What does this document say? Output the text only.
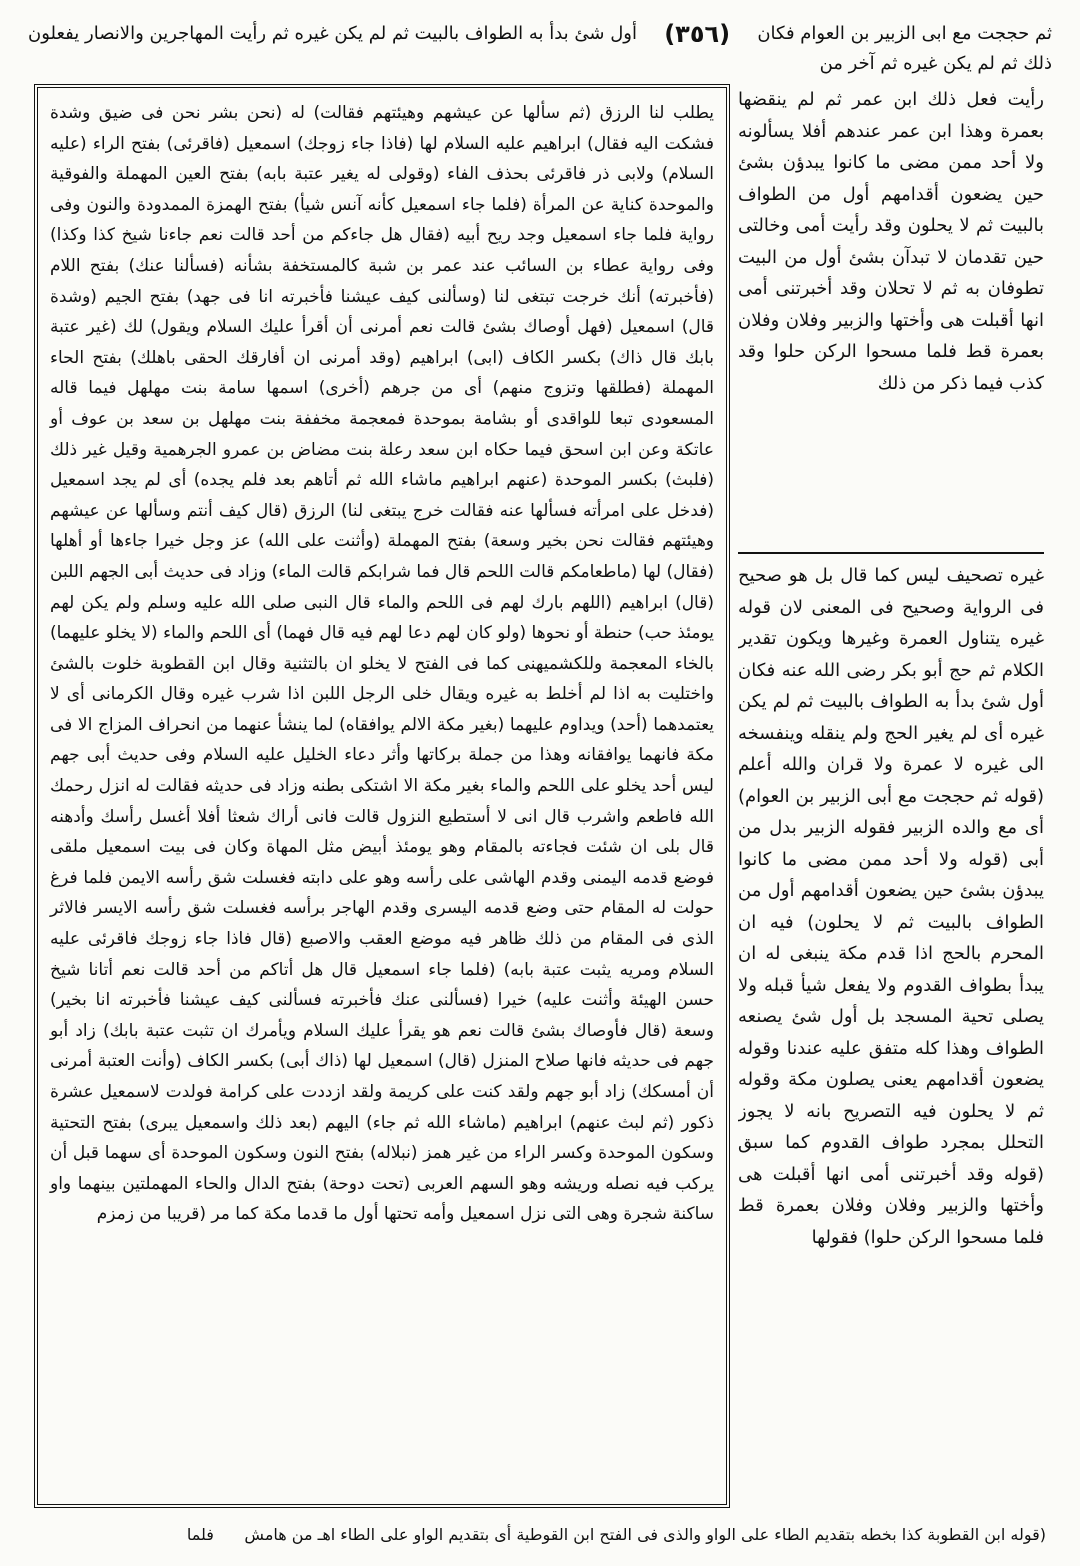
ثم حججت مع ابى الزبير بن العوام فكان
(٣٥٦)
أول شئ بدأ به الطواف بالبيت ثم لم يكن غيره ثم رأيت المهاجرين والانصار يفعلون
ذلك ثم لم يكن غيره ثم آخر من

يطلب لنا الرزق (ثم سألها عن عيشهم وهيئتهم فقالت) له (نحن بشر نحن فى ضيق وشدة فشكت اليه فقال) ابراهيم عليه السلام لها (فاذا جاء زوجك) اسمعيل (فاقرئى) بفتح الراء (عليه السلام) ولابى ذر فاقرئى بحذف الفاء (وقولى له يغير عتبة بابه) بفتح العين المهملة والفوقية والموحدة كناية عن المرأة (فلما جاء اسمعيل كأنه آنس شيأ) بفتح الهمزة الممدودة والنون وفى رواية فلما جاء اسمعيل وجد ريح أبيه (فقال هل جاءكم من أحد قالت نعم جاءنا شيخ كذا وكذا) وفى رواية عطاء بن السائب عند عمر بن شبة كالمستخفة بشأنه (فسألنا عنك) بفتح اللام (فأخبرته) أنك خرجت تبتغى لنا (وسألنى كيف عيشنا فأخبرته انا فى جهد) بفتح الجيم (وشدة قال) اسمعيل (فهل أوصاك بشئ قالت نعم أمرنى أن أقرأ عليك السلام ويقول) لك (غير عتبة بابك قال ذاك) بكسر الكاف (ابى) ابراهيم (وقد أمرنى ان أفارقك الحقى باهلك) بفتح الحاء المهملة (فطلقها وتزوج منهم) أى من جرهم (أخرى) اسمها سامة بنت مهلهل فيما قاله المسعودى تبعا للواقدى أو بشامة بموحدة فمعجمة مخففة بنت مهلهل بن سعد بن عوف أو عاتكة وعن ابن اسحق فيما حكاه ابن سعد رعلة بنت مضاض بن عمرو الجرهمية وقيل غير ذلك (فلبث) بكسر الموحدة (عنهم ابراهيم ماشاء الله ثم أتاهم بعد فلم يجده) أى لم يجد اسمعيل (فدخل على امرأته فسألها عنه فقالت خرج يبتغى لنا) الرزق (قال كيف أنتم وسألها عن عيشهم وهيئتهم فقالت نحن بخير وسعة) بفتح المهملة (وأثنت على الله) عز وجل خيرا جاءها أو أهلها (فقال) لها (ماطعامكم قالت اللحم قال فما شرابكم قالت الماء) وزاد فى حديث أبى الجهم اللبن (قال) ابراهيم (اللهم بارك لهم فى اللحم والماء قال النبى صلى الله عليه وسلم ولم يكن لهم يومئذ حب) حنطة أو نحوها (ولو كان لهم دعا لهم فيه قال فهما) أى اللحم والماء (لا يخلو عليهما) بالخاء المعجمة وللكشميهنى كما فى الفتح لا يخلو ان بالتثنية وقال ابن القطوبة خلوت بالشئ واختليت به اذا لم أخلط به غيره ويقال خلى الرجل اللبن اذا شرب غيره وقال الكرمانى أى لا يعتمدهما (أحد) ويداوم عليهما (بغير مكة الالم يوافقاه) لما ينشأ عنهما من انحراف المزاج الا فى مكة فانهما يوافقانه وهذا من جملة بركاتها وأثر دعاء الخليل عليه السلام وفى حديث أبى جهم ليس أحد يخلو على اللحم والماء بغير مكة الا اشتكى بطنه وزاد فى حديثه فقالت له انزل رحمك الله فاطعم واشرب قال انى لا أستطيع النزول قالت فانى أراك شعثا أفلا أغسل رأسك وأدهنه قال بلى ان شئت فجاءته بالمقام وهو يومئذ أبيض مثل المهاة وكان فى بيت اسمعيل ملقى فوضع قدمه اليمنى وقدم الهاشى على رأسه وهو على دابته فغسلت شق رأسه الايمن فلما فرغ حولت له المقام حتى وضع قدمه اليسرى وقدم الهاجر برأسه فغسلت شق رأسه الايسر فالاثر الذى فى المقام من ذلك ظاهر فيه موضع العقب والاصبع (قال فاذا جاء زوجك فاقرئى عليه السلام ومريه يثبت عتبة بابه) (فلما جاء اسمعيل قال هل أتاكم من أحد قالت نعم أتانا شيخ حسن الهيئة وأثنت عليه) خيرا (فسألنى عنك فأخبرته فسألنى كيف عيشنا فأخبرته انا بخير) وسعة (قال فأوصاك بشئ قالت نعم هو يقرأ عليك السلام ويأمرك ان تثبت عتبة بابك) زاد أبو جهم فى حديثه فانها صلاح المنزل (قال) اسمعيل لها (ذاك أبى) بكسر الكاف (وأنت العتبة أمرنى أن أمسكك) زاد أبو جهم ولقد كنت على كريمة ولقد ازددت على كرامة فولدت لاسمعيل عشرة ذكور (ثم لبث عنهم) ابراهيم (ماشاء الله ثم جاء) اليهم (بعد ذلك واسمعيل يبرى) بفتح التحتية وسكون الموحدة وكسر الراء من غير همز (نبلاله) بفتح النون وسكون الموحدة أى سهما قبل أن يركب فيه نصله وريشه وهو السهم العربى (تحت دوحة) بفتح الدال والحاء المهملتين بينهما واو ساكنة شجرة وهى التى نزل اسمعيل وأمه تحتها أول ما قدما مكة كما مر (قريبا من زمزم

رأيت فعل ذلك ابن عمر ثم لم ينقضها بعمرة وهذا ابن عمر عندهم أفلا يسألونه ولا أحد ممن مضى ما كانوا يبدؤن بشئ حين يضعون أقدامهم أول من الطواف بالبيت ثم لا يحلون وقد رأيت أمى وخالتى حين تقدمان لا تبدآن بشئ أول من البيت تطوفان به ثم لا تحلان وقد أخبرتنى أمى انها أقبلت هى وأختها والزبير وفلان وفلان بعمرة قط فلما مسحوا الركن حلوا وقد كذب فيما ذكر من ذلك

غيره تصحيف ليس كما قال بل هو صحيح فى الرواية وصحيح فى المعنى لان قوله غيره يتناول العمرة وغيرها ويكون تقدير الكلام ثم حج أبو بكر رضى الله عنه فكان أول شئ بدأ به الطواف بالبيت ثم لم يكن غيره أى لم يغير الحج ولم ينقله وينفسخه الى غيره لا عمرة ولا قران والله أعلم (قوله ثم حججت مع أبى الزبير بن العوام) أى مع والده الزبير فقوله الزبير بدل من أبى (قوله ولا أحد ممن مضى ما كانوا يبدؤن بشئ حين يضعون أقدامهم أول من الطواف بالبيت ثم لا يحلون) فيه ان المحرم بالحج اذا قدم مكة ينبغى له ان يبدأ بطواف القدوم ولا يفعل شيأ قبله ولا يصلى تحية المسجد بل أول شئ يصنعه الطواف وهذا كله متفق عليه عندنا وقوله يضعون أقدامهم يعنى يصلون مكة وقوله ثم لا يحلون فيه التصريح بانه لا يجوز التحلل بمجرد طواف القدوم كما سبق (قوله وقد أخبرتنى أمى انها أقبلت هى وأختها والزبير وفلان وفلان بعمرة قط فلما مسحوا الركن حلوا) فقولها

(قوله ابن القطوبة كذا بخطه بتقديم الطاء على الواو والذى فى الفتح ابن القوطية أى بتقديم الواو على الطاء اهـ من هامش      فلما
